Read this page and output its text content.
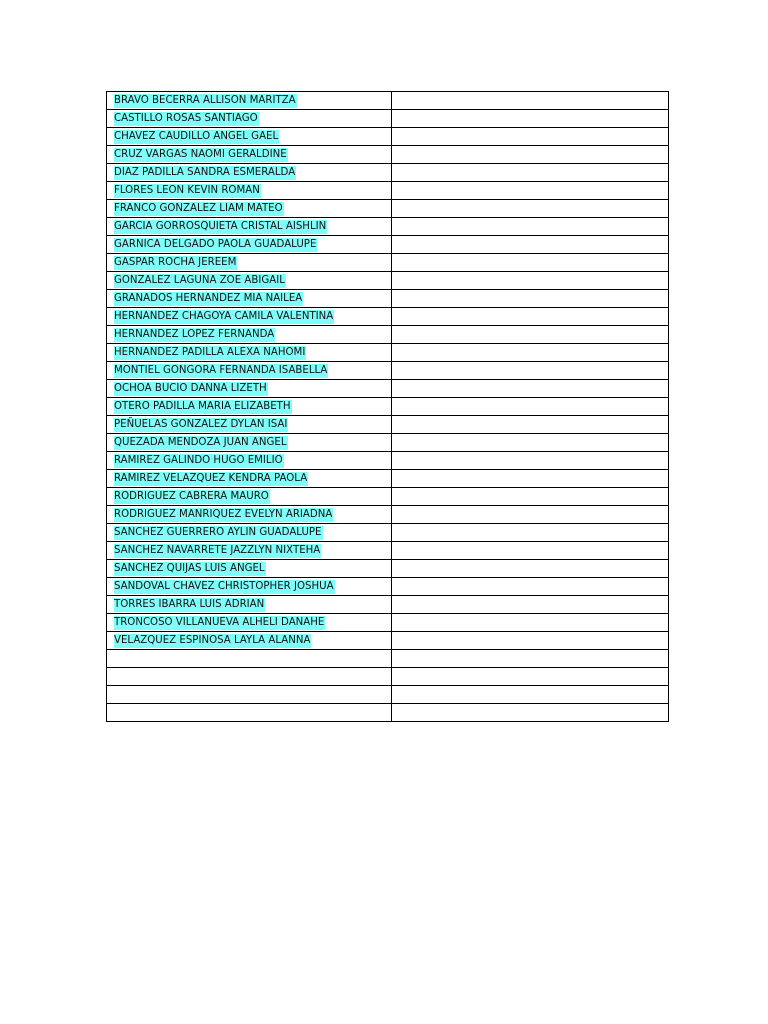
BRAVO BECERRA ALLISON MARITZA	
CASTILLO ROSAS SANTIAGO	
CHAVEZ CAUDILLO ANGEL GAEL	
CRUZ VARGAS NAOMI GERALDINE	
DIAZ PADILLA SANDRA ESMERALDA	
FLORES LEON KEVIN ROMAN	
FRANCO GONZALEZ LIAM MATEO	
GARCIA GORROSQUIETA CRISTAL AISHLIN	
GARNICA DELGADO PAOLA GUADALUPE	
GASPAR ROCHA JEREEM	
GONZALEZ LAGUNA ZOE ABIGAIL	
GRANADOS HERNANDEZ MIA NAILEA	
HERNANDEZ CHAGOYA CAMILA VALENTINA	
HERNANDEZ LOPEZ FERNANDA	
HERNANDEZ PADILLA ALEXA NAHOMI	
MONTIEL GONGORA FERNANDA ISABELLA	
OCHOA BUCIO DANNA LIZETH	
OTERO PADILLA MARIA ELIZABETH	
PEÑUELAS GONZALEZ DYLAN ISAI	
QUEZADA MENDOZA JUAN ANGEL	
RAMIREZ GALINDO HUGO EMILIO	
RAMIREZ VELAZQUEZ KENDRA PAOLA	
RODRIGUEZ CABRERA MAURO	
RODRIGUEZ MANRIQUEZ EVELYN ARIADNA	
SANCHEZ GUERRERO AYLIN GUADALUPE	
SANCHEZ NAVARRETE JAZZLYN NIXTEHA	
SANCHEZ QUIJAS LUIS ANGEL	
SANDOVAL CHAVEZ CHRISTOPHER JOSHUA	
TORRES IBARRA LUIS ADRIAN	
TRONCOSO VILLANUEVA ALHELI DANAHE	
VELAZQUEZ ESPINOSA LAYLA ALANNA	
